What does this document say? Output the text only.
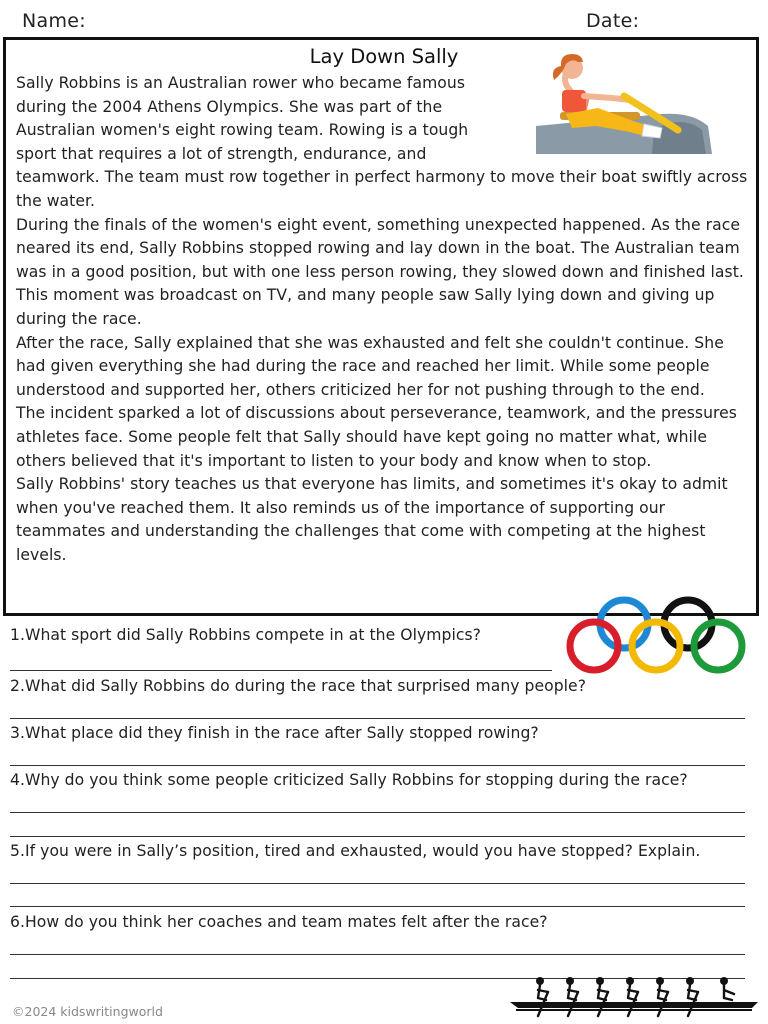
Name:	Date:
Lay Down Sally

Sally Robbins is an Australian rower who became famous during the 2004 Athens Olympics. She was part of the Australian women's eight rowing team. Rowing is a tough sport that requires a lot of strength, endurance, and

teamwork. The team must row together in perfect harmony to move their boat swiftly across the water.

During the finals of the women's eight event, something unexpected happened. As the race neared its end, Sally Robbins stopped rowing and lay down in the boat. The Australian team was in a good position, but with one less person rowing, they slowed down and finished last. This moment was broadcast on TV, and many people saw Sally lying down and giving up during the race.

After the race, Sally explained that she was exhausted and felt she couldn't continue. She had given everything she had during the race and reached her limit. While some people understood and supported her, others criticized her for not pushing through to the end.

The incident sparked a lot of discussions about perseverance, teamwork, and the pressures athletes face. Some people felt that Sally should have kept going no matter what, while others believed that it's important to listen to your body and know when to stop.

Sally Robbins' story teaches us that everyone has limits, and sometimes it's okay to admit when you've reached them. It also reminds us of the importance of supporting our teammates and understanding the challenges that come with competing at the highest levels.

1.What sport did Sally Robbins compete in at the Olympics?
2.What did Sally Robbins do during the race that surprised many people?
3.What place did they finish in the race after Sally stopped rowing?
4.Why do you think some people criticized Sally Robbins for stopping during the race?
5.If you were in Sally’s position, tired and exhausted, would you have stopped? Explain.
6.How do you think her coaches and team mates felt after the race?
©2024 kidswritingworld
